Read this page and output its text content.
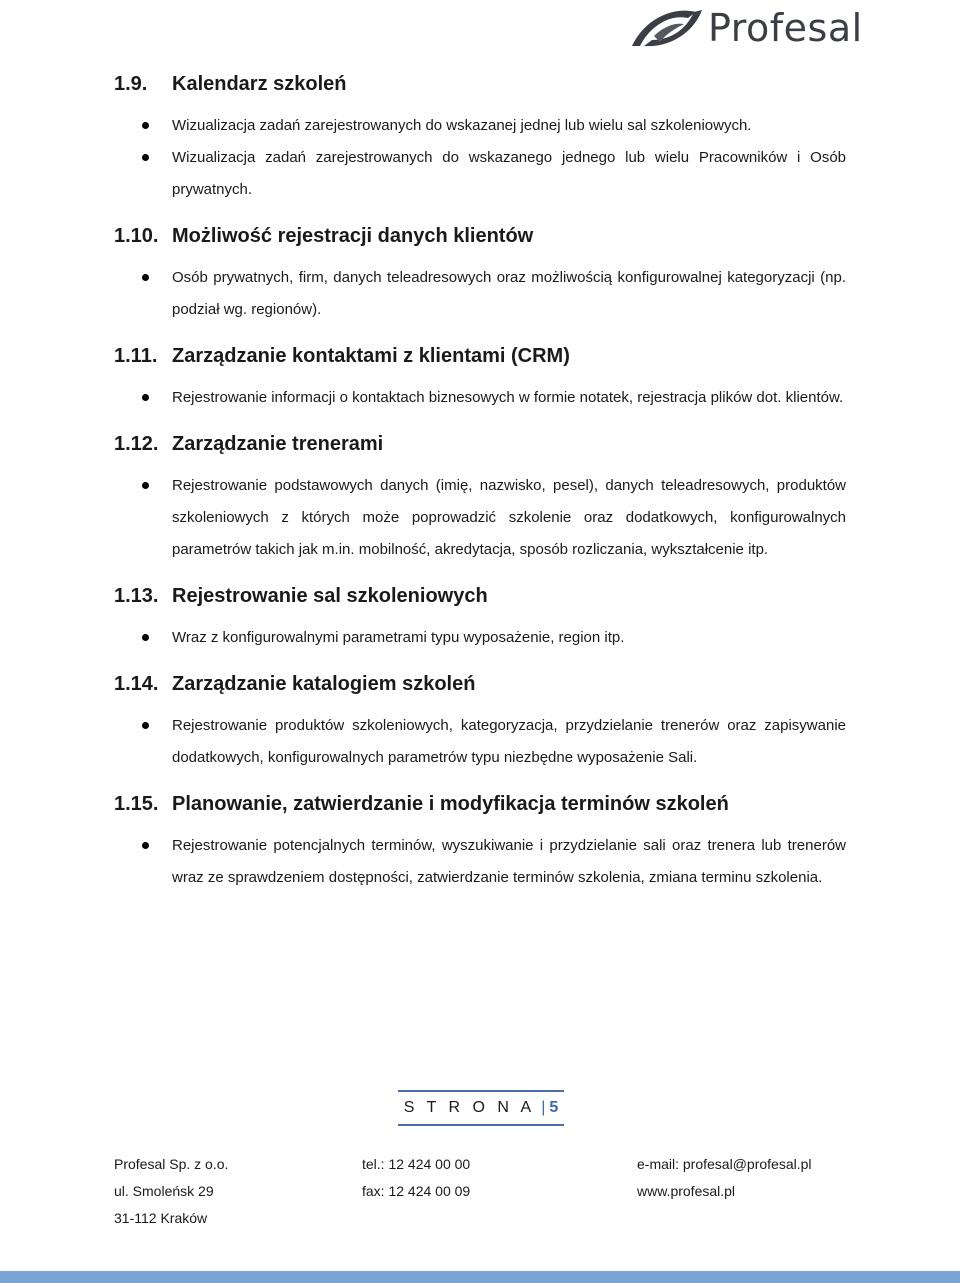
Profesal
1.9.	Kalendarz szkoleń
Wizualizacja zadań zarejestrowanych do wskazanej jednej lub wielu sal szkoleniowych.
Wizualizacja zadań zarejestrowanych do wskazanego jednego lub wielu Pracowników i Osób prywatnych.
1.10. Możliwość rejestracji danych klientów
Osób prywatnych, firm, danych teleadresowych oraz możliwością konfigurowalnej kategoryzacji (np. podział wg. regionów).
1.11. Zarządzanie kontaktami z klientami (CRM)
Rejestrowanie informacji o kontaktach biznesowych w formie notatek, rejestracja plików dot. klientów.
1.12. Zarządzanie trenerami
Rejestrowanie podstawowych danych (imię, nazwisko, pesel), danych teleadresowych, produktów szkoleniowych z których może poprowadzić szkolenie oraz dodatkowych, konfigurowalnych parametrów takich jak m.in. mobilność, akredytacja, sposób rozliczania, wykształcenie itp.
1.13. Rejestrowanie sal szkoleniowych
Wraz z konfigurowalnymi parametrami typu wyposażenie, region itp.
1.14. Zarządzanie katalogiem szkoleń
Rejestrowanie produktów szkoleniowych, kategoryzacja, przydzielanie trenerów oraz zapisywanie dodatkowych, konfigurowalnych parametrów typu niezbędne wyposażenie Sali.
1.15. Planowanie, zatwierdzanie i modyfikacja terminów szkoleń
Rejestrowanie potencjalnych terminów, wyszukiwanie i przydzielanie sali oraz trenera lub trenerów wraz ze sprawdzeniem dostępności, zatwierdzanie terminów szkolenia, zmiana terminu szkolenia.
S T R O N A | 5
Profesal Sp. z o.o.	tel.: 12 424 00 00	e-mail: profesal@profesal.pl
ul. Smoleńsk 29	fax: 12 424 00 09	www.profesal.pl
31-112 Kraków
